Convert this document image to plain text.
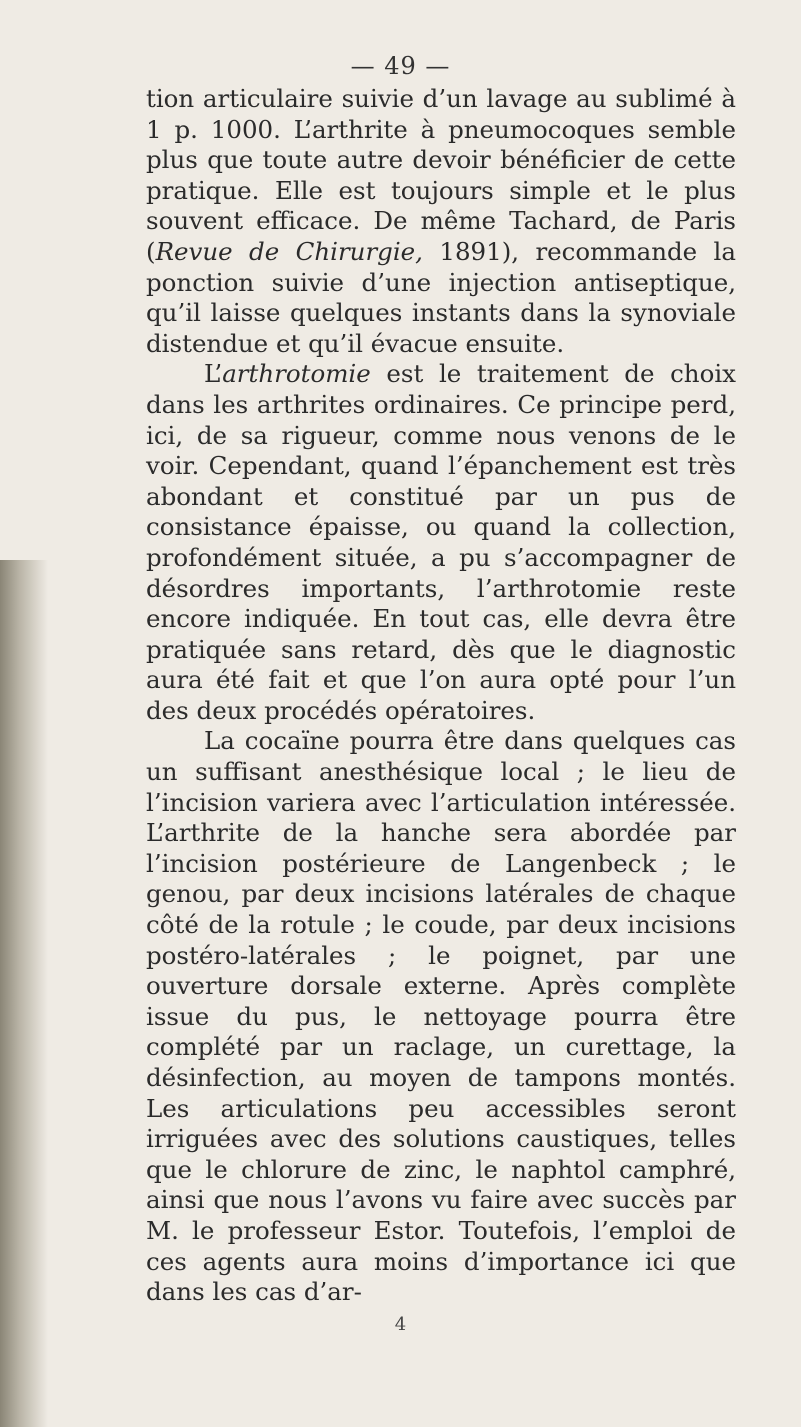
— 49 —

tion articulaire suivie d’un lavage au sublimé à 1 p. 1000. L’arthrite à pneumocoques semble plus que toute autre devoir bénéficier de cette pratique. Elle est toujours simple et le plus souvent efficace. De même Tachard, de Paris (Revue de Chirurgie, 1891), recommande la ponction suivie d’une injection antiseptique, qu’il laisse quelques instants dans la synoviale distendue et qu’il évacue ensuite.

L’arthrotomie est le traitement de choix dans les arthrites ordinaires. Ce principe perd, ici, de sa rigueur, comme nous venons de le voir. Cependant, quand l’épanchement est très abondant et constitué par un pus de consistance épaisse, ou quand la collection, profondément située, a pu s’accompagner de désordres importants, l’arthrotomie reste encore indiquée. En tout cas, elle devra être pratiquée sans retard, dès que le diagnostic aura été fait et que l’on aura opté pour l’un des deux procédés opératoires.

La cocaïne pourra être dans quelques cas un suffisant anesthésique local ; le lieu de l’incision variera avec l’articulation intéressée. L’arthrite de la hanche sera abordée par l’incision postérieure de Langenbeck ; le genou, par deux incisions latérales de chaque côté de la rotule ; le coude, par deux incisions postéro-latérales ; le poignet, par une ouverture dorsale externe. Après complète issue du pus, le nettoyage pourra être complété par un raclage, un curettage, la désinfection, au moyen de tampons montés. Les articulations peu accessibles seront irriguées avec des solutions caustiques, telles que le chlorure de zinc, le naphtol camphré, ainsi que nous l’avons vu faire avec succès par M. le professeur Estor. Toutefois, l’emploi de ces agents aura moins d’importance ici que dans les cas d’ar-

4
